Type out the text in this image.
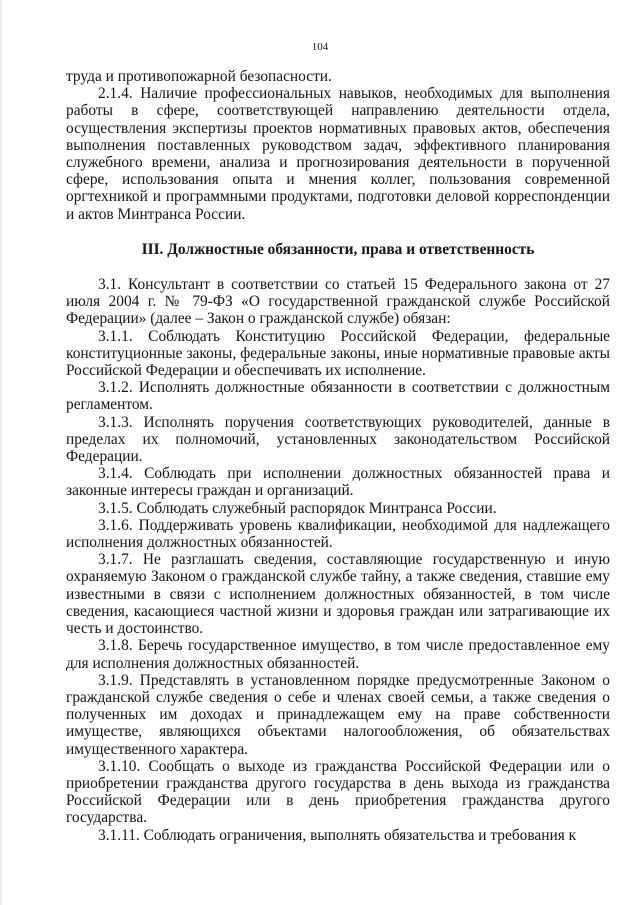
104

труда и противопожарной безопасности.

2.1.4. Наличие профессиональных навыков, необходимых для выполнения работы в сфере, соответствующей направлению деятельности отдела, осуществления экспертизы проектов нормативных правовых актов, обеспечения выполнения поставленных руководством задач, эффективного планирования служебного времени, анализа и прогнозирования деятельности в порученной сфере, использования опыта и мнения коллег, пользования современной оргтехникой и программными продуктами, подготовки деловой корреспонденции и актов Минтранса России.

III. Должностные обязанности, права и ответственность

3.1. Консультант в соответствии со статьей 15 Федерального закона от 27 июля 2004 г. № 79-ФЗ «О государственной гражданской службе Российской Федерации» (далее – Закон о гражданской службе) обязан:

3.1.1. Соблюдать Конституцию Российской Федерации, федеральные конституционные законы, федеральные законы, иные нормативные правовые акты Российской Федерации и обеспечивать их исполнение.

3.1.2. Исполнять должностные обязанности в соответствии с должностным регламентом.

3.1.3. Исполнять поручения соответствующих руководителей, данные в пределах их полномочий, установленных законодательством Российской Федерации.

3.1.4. Соблюдать при исполнении должностных обязанностей права и законные интересы граждан и организаций.

3.1.5. Соблюдать служебный распорядок Минтранса России.

3.1.6. Поддерживать уровень квалификации, необходимой для надлежащего исполнения должностных обязанностей.

3.1.7. Не разглашать сведения, составляющие государственную и иную охраняемую Законом о гражданской службе тайну, а также сведения, ставшие ему известными в связи с исполнением должностных обязанностей, в том числе сведения, касающиеся частной жизни и здоровья граждан или затрагивающие их честь и достоинство.

3.1.8. Беречь государственное имущество, в том числе предоставленное ему для исполнения должностных обязанностей.

3.1.9. Представлять в установленном порядке предусмотренные Законом о гражданской службе сведения о себе и членах своей семьи, а также сведения о полученных им доходах и принадлежащем ему на праве собственности имуществе, являющихся объектами налогообложения, об обязательствах имущественного характера.

3.1.10. Сообщать о выходе из гражданства Российской Федерации или о приобретении гражданства другого государства в день выхода из гражданства Российской Федерации или в день приобретения гражданства другого государства.

3.1.11. Соблюдать ограничения, выполнять обязательства и требования к
